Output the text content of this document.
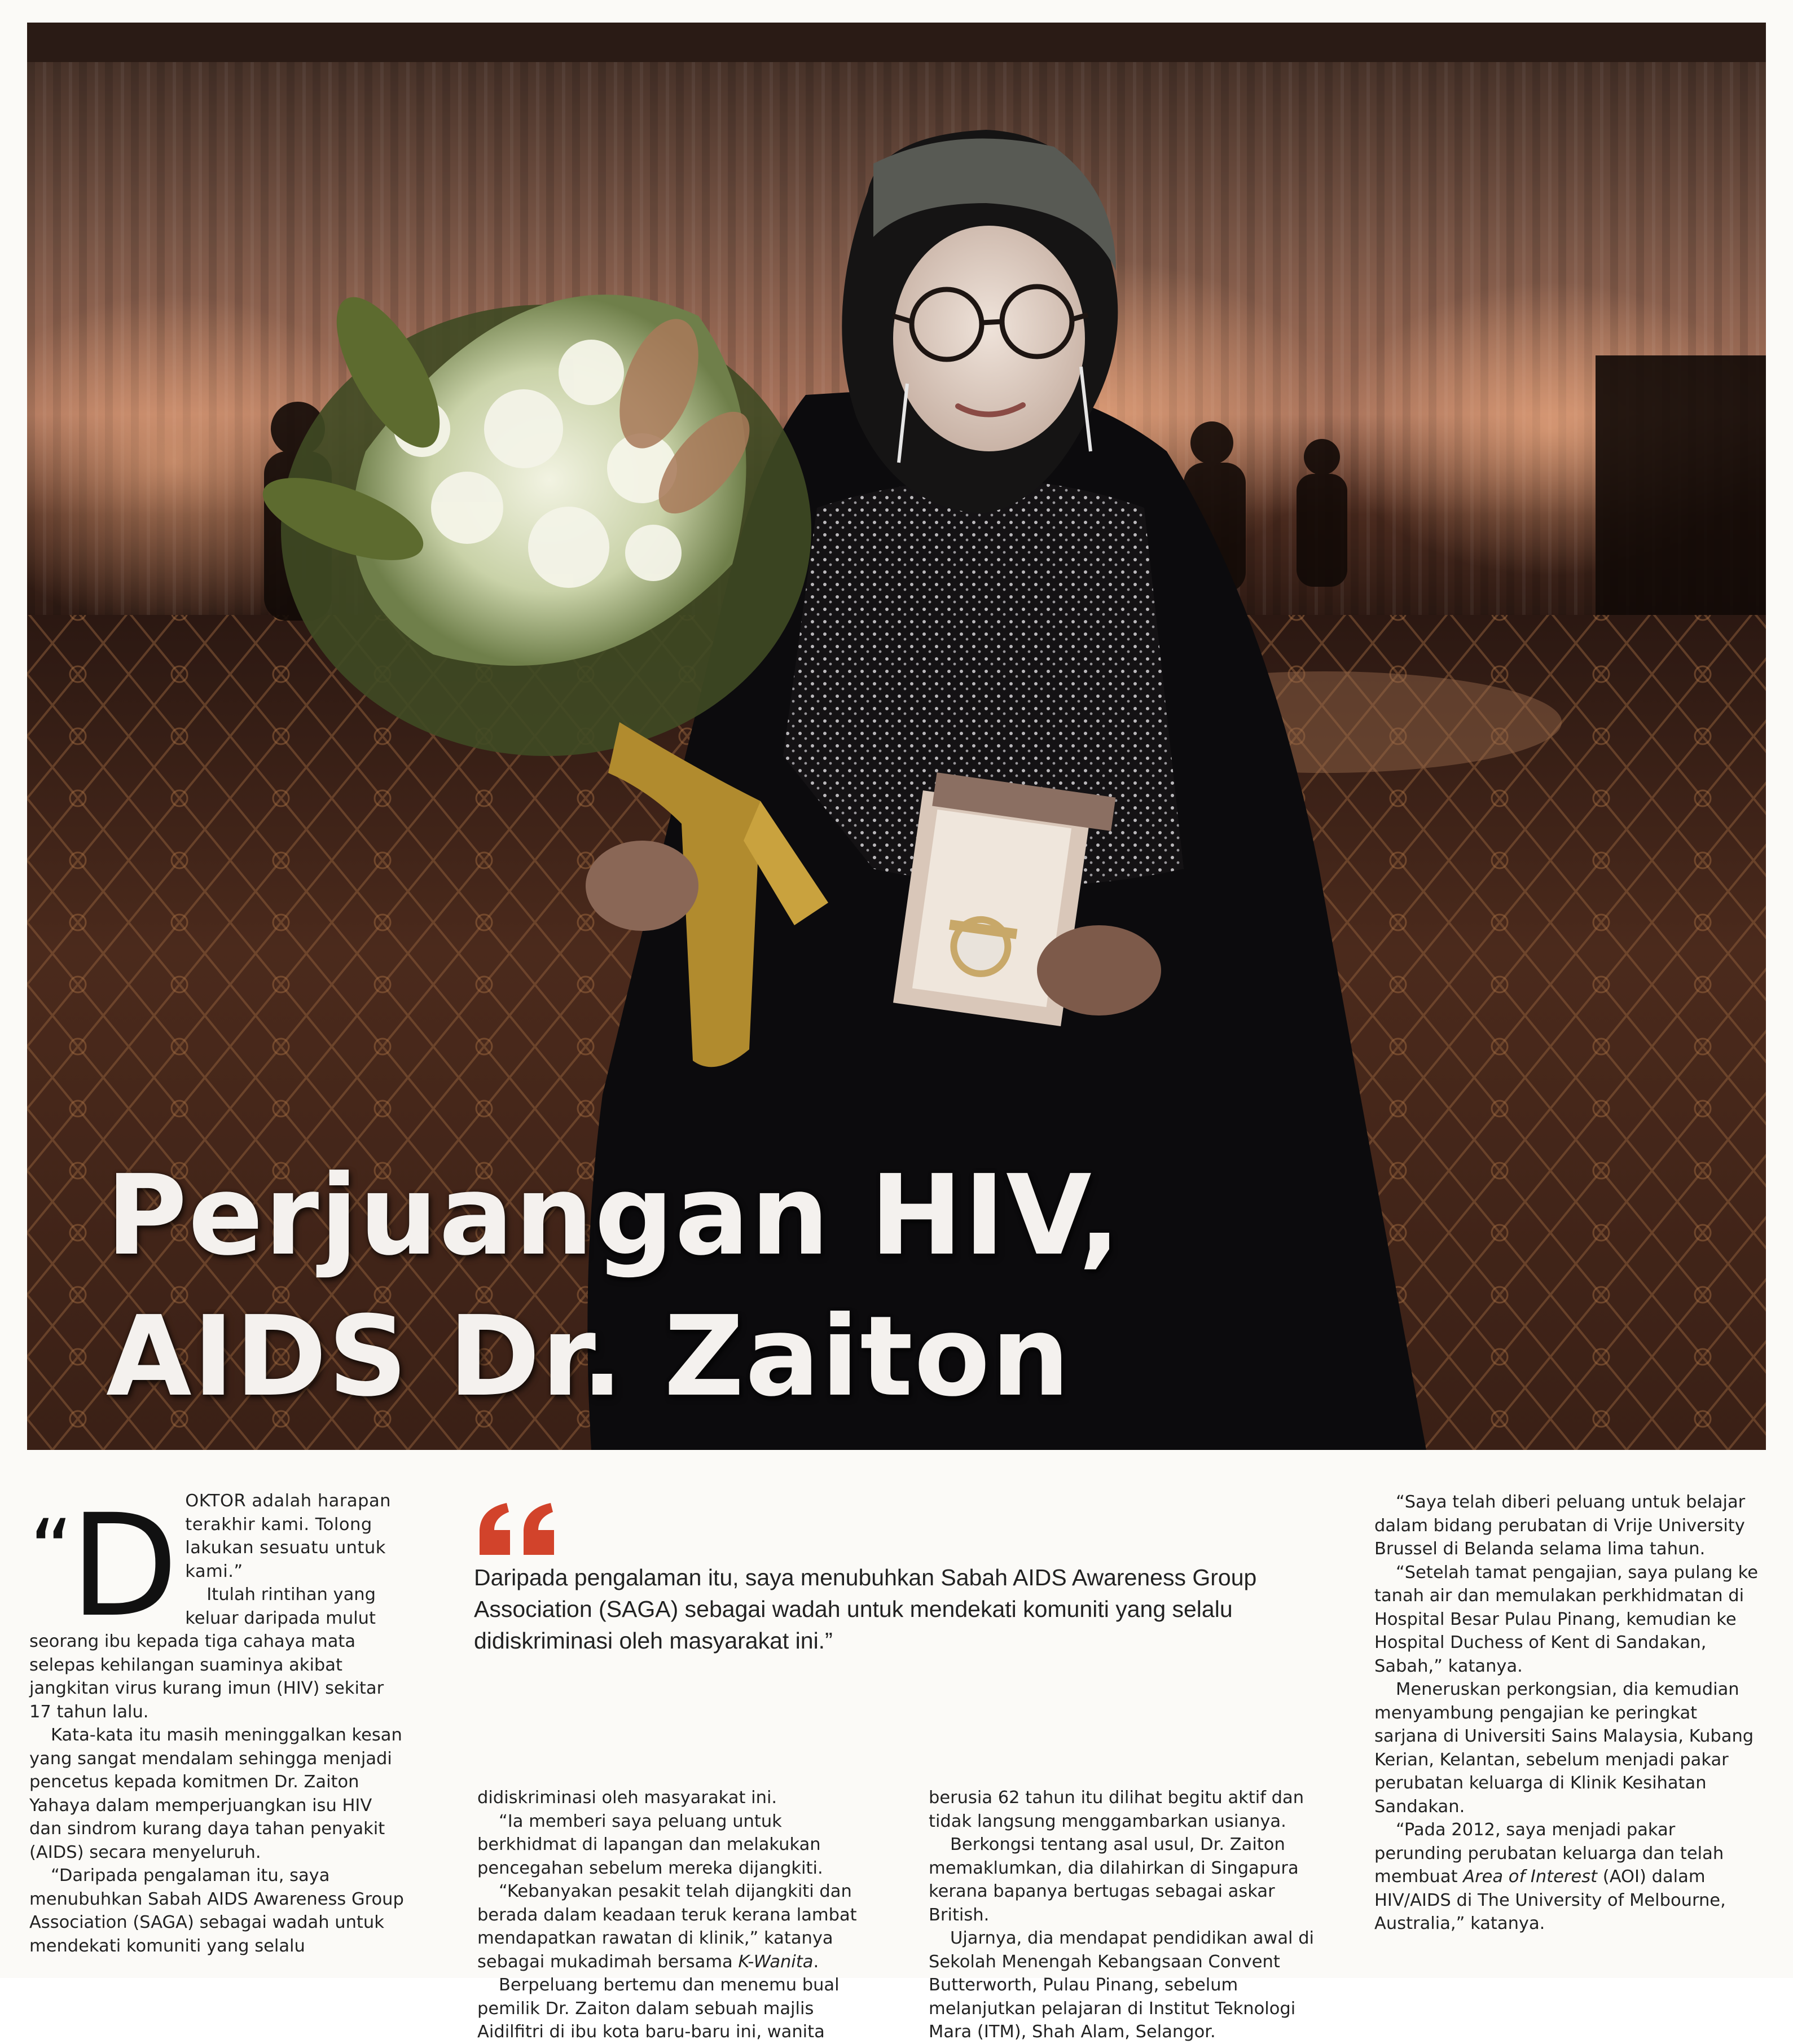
Perjuangan HIV,
AIDS Dr. Zaiton
“D OKTOR adalah harapan terakhir kami. Tolong lakukan sesuatu untuk kami.”

Itulah rintihan yang keluar daripada mulut seorang ibu kepada tiga cahaya mata selepas kehilangan suaminya akibat jangkitan virus kurang imun (HIV) sekitar 17 tahun lalu.

Kata-kata itu masih meninggalkan kesan yang sangat mendalam sehingga menjadi pencetus kepada komitmen Dr. Zaiton Yahaya dalam memperjuangkan isu HIV dan sindrom kurang daya tahan penyakit (AIDS) secara menyeluruh.

“Daripada pengalaman itu, saya menubuhkan Sabah AIDS Awareness Group Association (SAGA) sebagai wadah untuk mendekati komuniti yang selalu

Daripada pengalaman itu, saya menubuhkan Sabah AIDS Awareness Group Association (SAGA) sebagai wadah untuk mendekati komuniti yang selalu didiskriminasi oleh masyarakat ini.”

didiskriminasi oleh masyarakat ini.

“Ia memberi saya peluang untuk berkhidmat di lapangan dan melakukan pencegahan sebelum mereka dijangkiti.

“Kebanyakan pesakit telah dijangkiti dan berada dalam keadaan teruk kerana lambat mendapatkan rawatan di klinik,” katanya sebagai mukadimah bersama K-Wanita.

Berpeluang bertemu dan menemu bual pemilik Dr. Zaiton dalam sebuah majlis Aidilfitri di ibu kota baru-baru ini, wanita

berusia 62 tahun itu dilihat begitu aktif dan tidak langsung menggambarkan usianya.

Berkongsi tentang asal usul, Dr. Zaiton memaklumkan, dia dilahirkan di Singapura kerana bapanya bertugas sebagai askar British.

Ujarnya, dia mendapat pendidikan awal di Sekolah Menengah Kebangsaan Convent Butterworth, Pulau Pinang, sebelum melanjutkan pelajaran di Institut Teknologi Mara (ITM), Shah Alam, Selangor.

“Saya telah diberi peluang untuk belajar dalam bidang perubatan di Vrije University Brussel di Belanda selama lima tahun.

“Setelah tamat pengajian, saya pulang ke tanah air dan memulakan perkhidmatan di Hospital Besar Pulau Pinang, kemudian ke Hospital Duchess of Kent di Sandakan, Sabah,” katanya.

Meneruskan perkongsian, dia kemudian menyambung pengajian ke peringkat sarjana di Universiti Sains Malaysia, Kubang Kerian, Kelantan, sebelum menjadi pakar perubatan keluarga di Klinik Kesihatan Sandakan.

“Pada 2012, saya menjadi pakar perunding perubatan keluarga dan telah membuat Area of Interest (AOI) dalam HIV/AIDS di The University of Melbourne, Australia,” katanya.
